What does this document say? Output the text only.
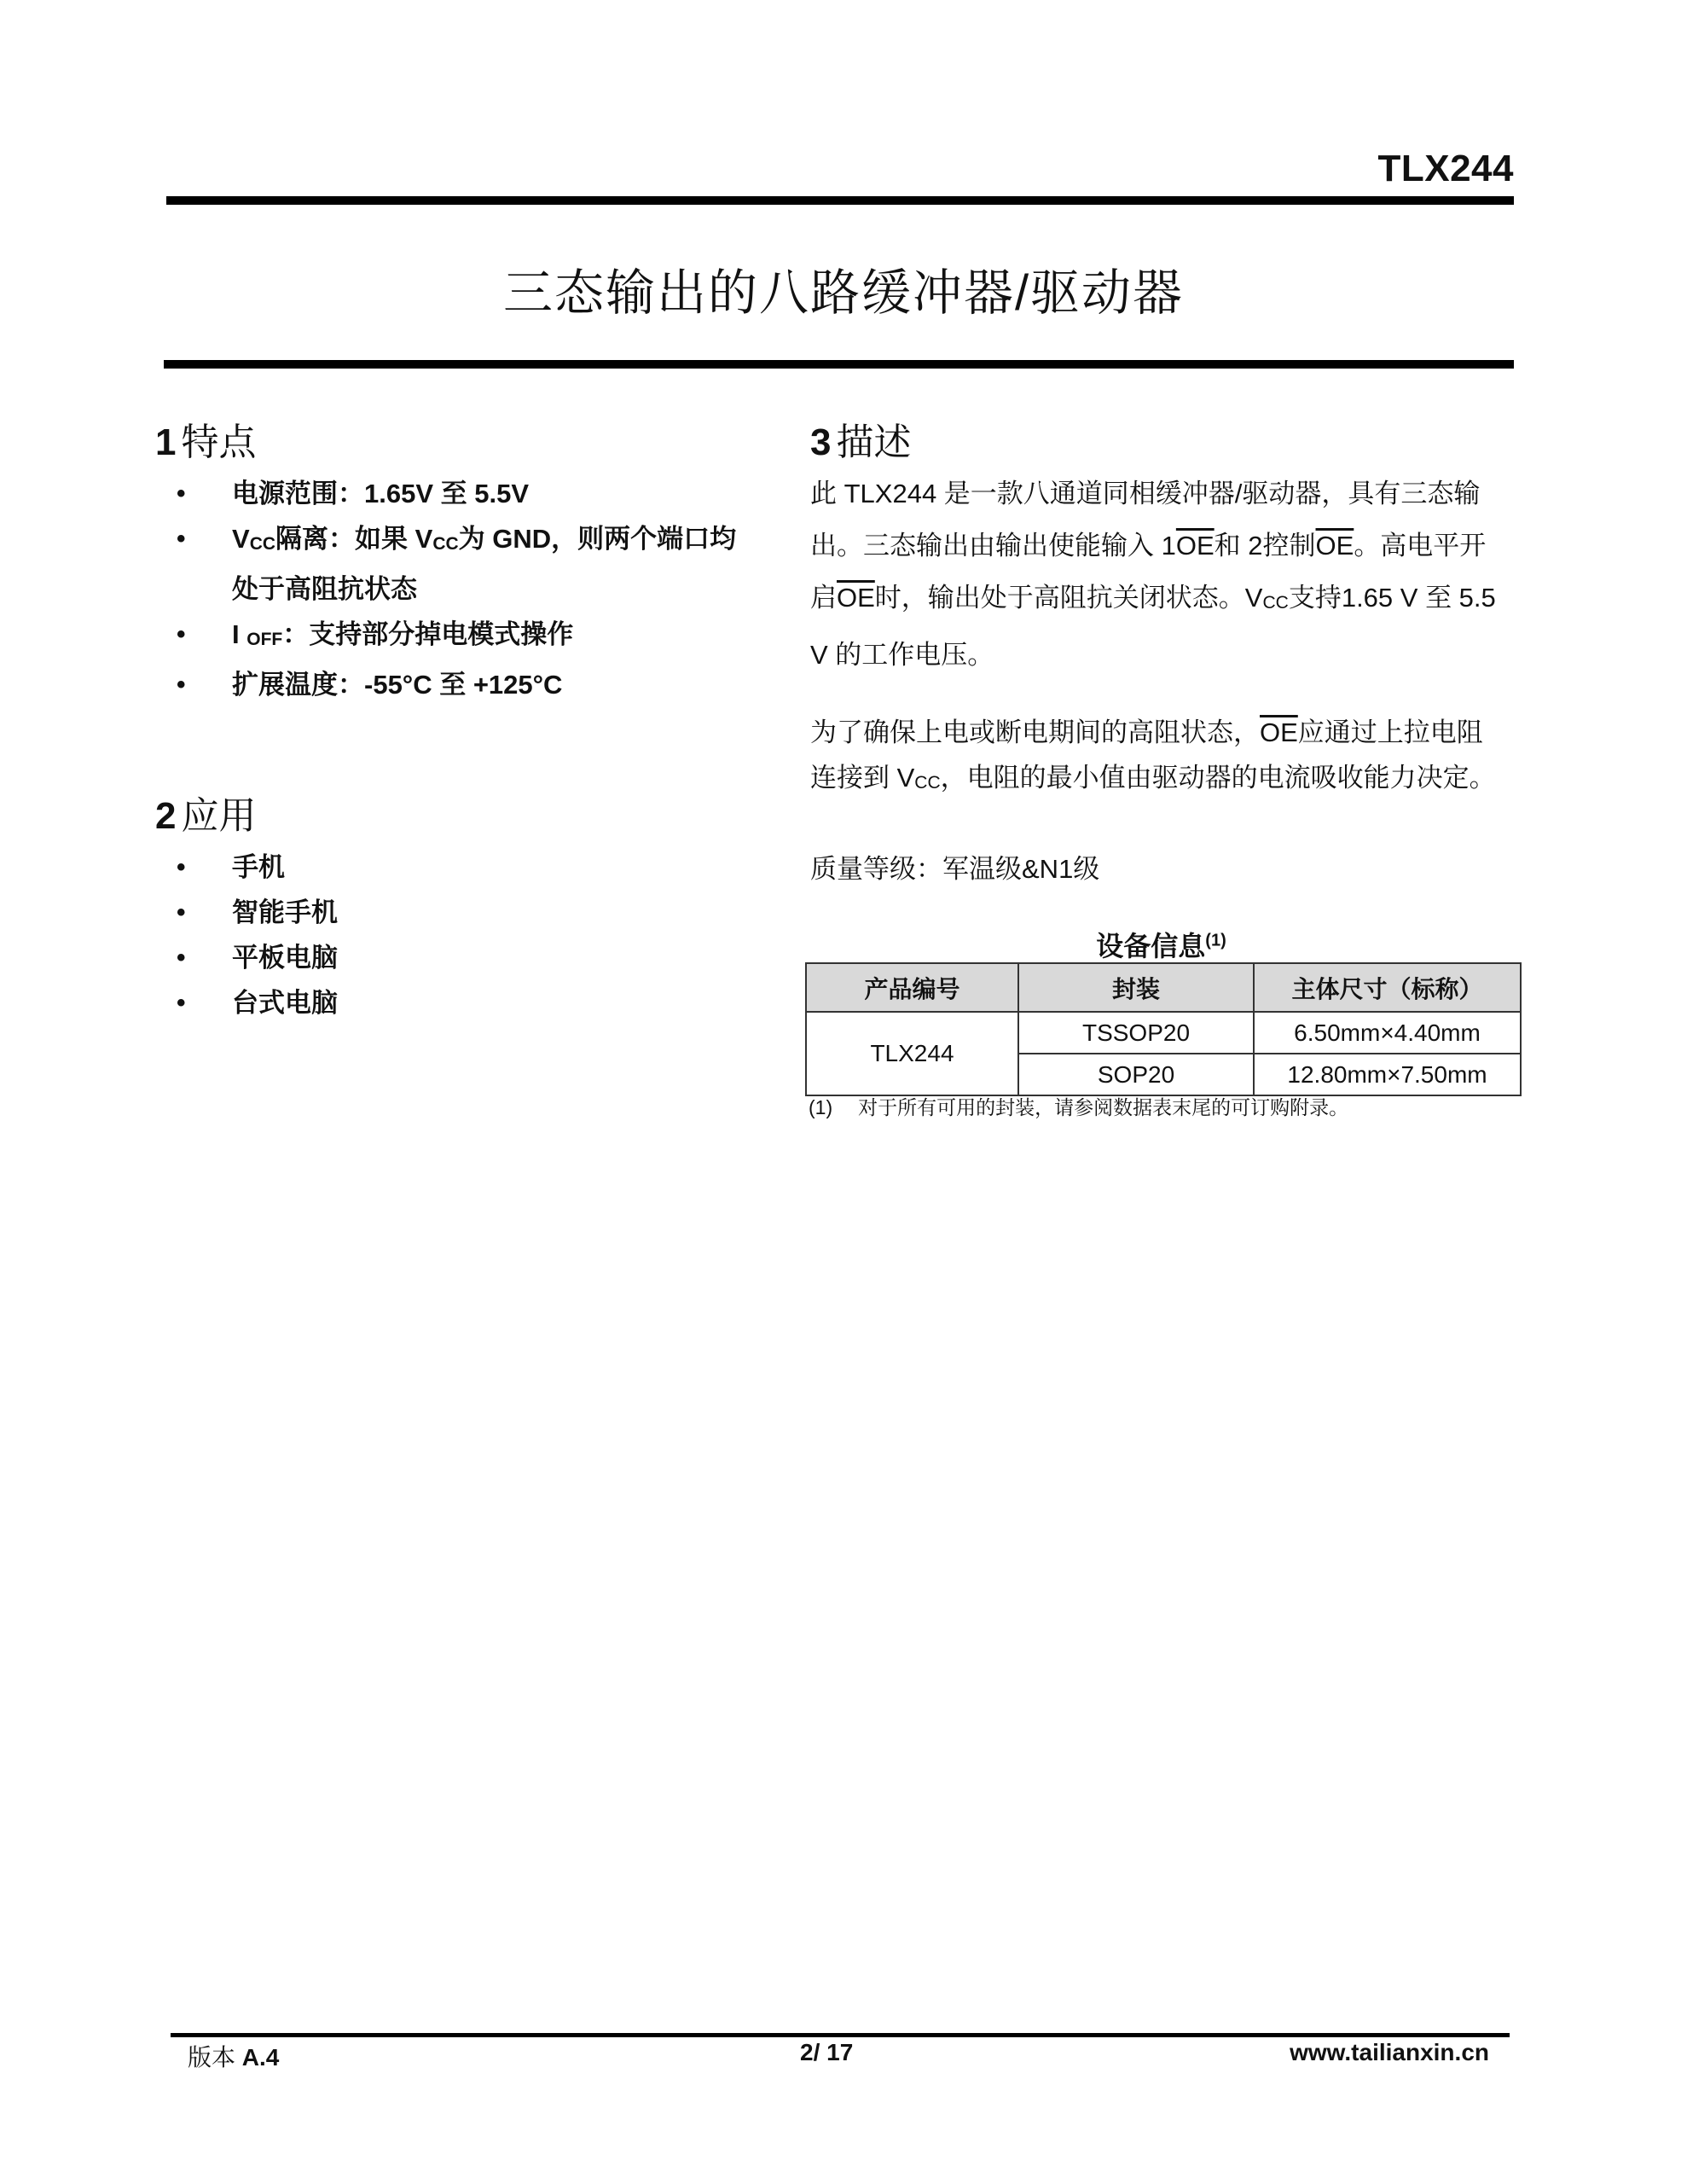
TLX244
三态输出的八路缓冲器/驱动器
1 特点
• 电源范围：1.65V 至 5.5V
• VCC隔离：如果 VCC为 GND，则两个端口均
处于高阻抗状态
• I OFF：支持部分掉电模式操作
• 扩展温度：-55°C 至 +125°C
2 应用
• 手机
• 智能手机
• 平板电脑
• 台式电脑
3 描述

此 TLX244 是一款八通道同相缓冲器/驱动器，具有三态输
出。三态输出由输出使能输入 $1\overline{OE}$和 2控制$\overline{OE}$。高电平开
启$\overline{OE}$时，输出处于高阻抗关闭状态。VCC支持1.65 V 至 5.5
V 的工作电压。

为了确保上电或断电期间的高阻状态，$\overline{OE}$应通过上拉电阻
连接到 VCC，电阻的最小值由驱动器的电流吸收能力决定。

质量等级：军温级&N1级
设备信息$^{(1)}$
产品编号	封装	主体尺寸（标称）
TLX244	TSSOP20	6.50mm×4.40mm
	SOP20	12.80mm×7.50mm
(1) 对于所有可用的封装，请参阅数据表末尾的可订购附录。
版本 A.4	2/ 17	www.tailianxin.cn
